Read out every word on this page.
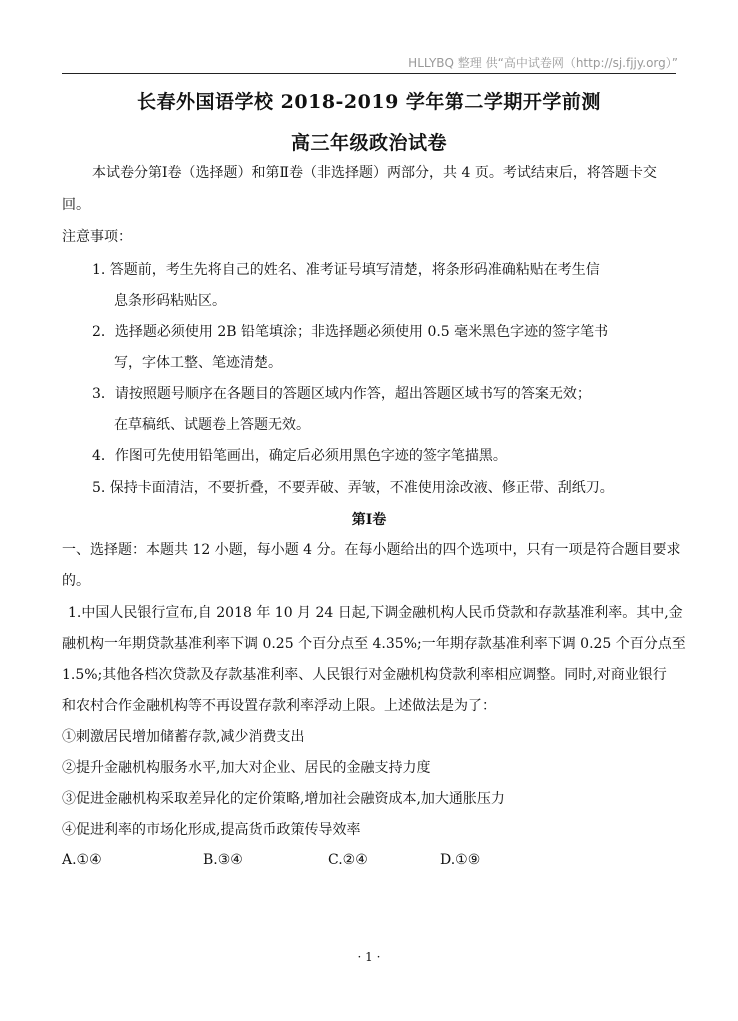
HLLYBQ 整理 供“高中试卷网（http://sj.fjjy.org）”
长春外国语学校 2018-2019 学年第二学期开学前测
高三年级政治试卷
本试卷分第Ⅰ卷（选择题）和第Ⅱ卷（非选择题）两部分，共 4 页。考试结束后，将答题卡交
回。
注意事项：
1. 答题前，考生先将自己的姓名、准考证号填写清楚，将条形码准确粘贴在考生信
息条形码粘贴区。
2．选择题必须使用 2B 铅笔填涂；非选择题必须使用 0.5 毫米黑色字迹的签字笔书
写，字体工整、笔迹清楚。
3．请按照题号顺序在各题目的答题区域内作答，超出答题区域书写的答案无效；
在草稿纸、试题卷上答题无效。
4．作图可先使用铅笔画出，确定后必须用黑色字迹的签字笔描黑。
5. 保持卡面清洁，不要折叠，不要弄破、弄皱，不准使用涂改液、修正带、刮纸刀。
第Ⅰ卷
一、选择题：本题共 12 小题，每小题 4 分。在每小题给出的四个选项中，只有一项是符合题目要求
的。
1.中国人民银行宣布,自 2018 年 10 月 24 日起,下调金融机构人民币贷款和存款基准利率。其中,金
融机构一年期贷款基准利率下调 0.25 个百分点至 4.35%;一年期存款基准利率下调 0.25 个百分点至
1.5%;其他各档次贷款及存款基准利率、人民银行对金融机构贷款利率相应调整。同时,对商业银行
和农村合作金融机构等不再设置存款利率浮动上限。上述做法是为了：
①刺激居民增加储蓄存款,减少消费支出
②提升金融机构服务水平,加大对企业、居民的金融支持力度
③促进金融机构采取差异化的定价策略,增加社会融资成本,加大通胀压力
④促进利率的市场化形成,提高货币政策传导效率
A.①④	B.③④	C.②④	D.①⑨
· 1 ·
